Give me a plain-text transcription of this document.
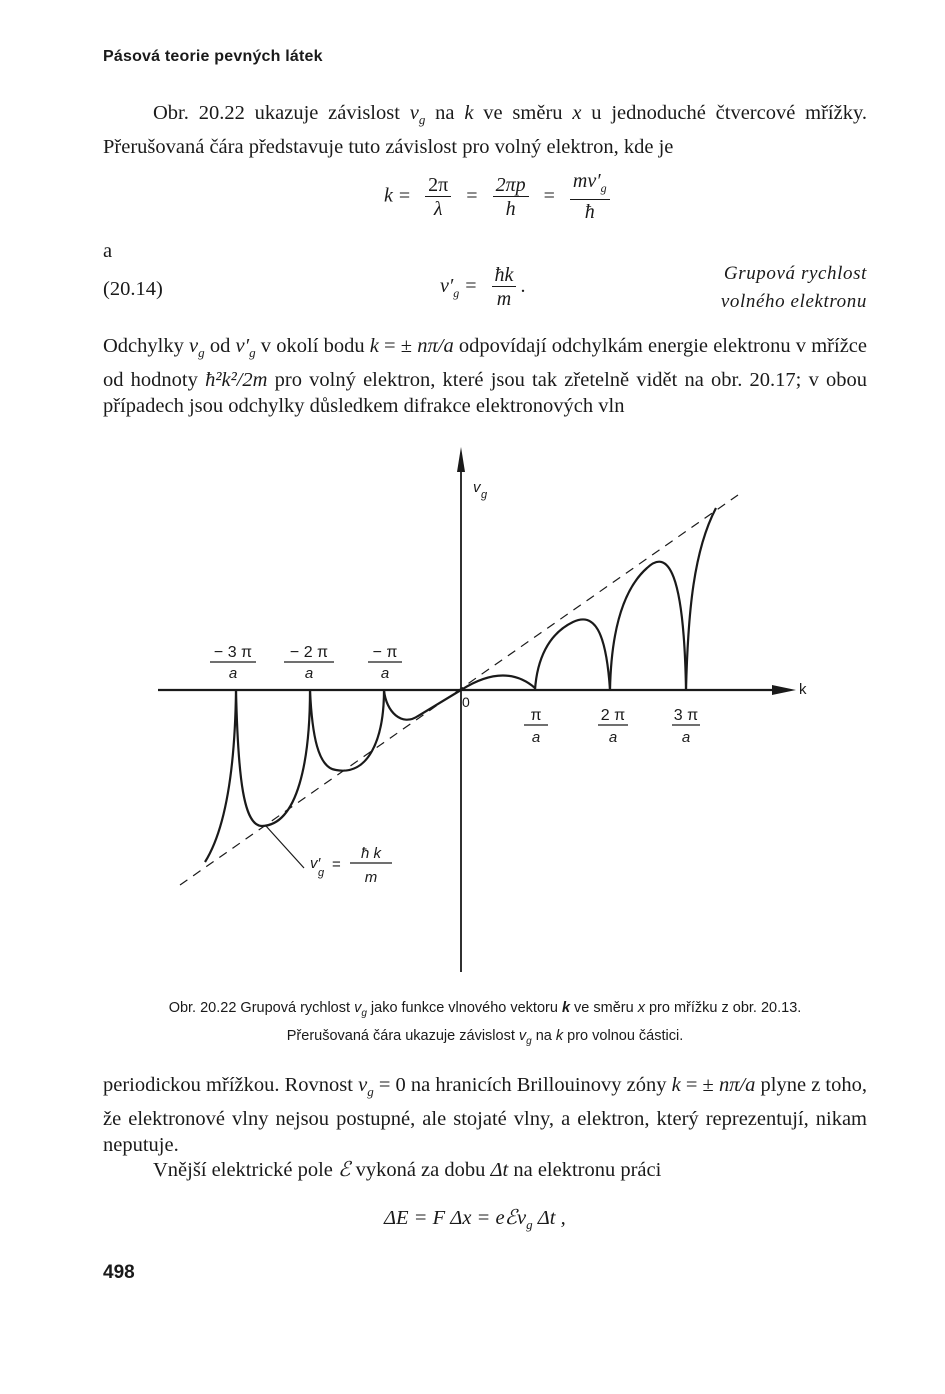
Pásová teorie pevných látek
Obr. 20.22 ukazuje závislost $v_g$ na k ve směru x u jednoduché čtvercové mřížky. Přerušovaná čára představuje tuto závislost pro volný elektron, kde je
$k = \frac{2\pi}{\lambda} = \frac{2\pi p}{h} = \frac{mv'_g}{ħ}$
a
(20.14)	$v'_g = \frac{ħk}{m}$ .
Grupová rychlost
volného elektronu
Odchylky $v_g$ od $v'_g$ v okolí bodu k = ± nπ/a odpovídají odchylkám energie elektronu v mřížce od hodnoty ħ²k²/2m pro volný elektron, které jsou tak zřetelně vidět na obr. 20.17; v obou případech jsou odchylky důsledkem difrakce elektronových vln
v g
k
0
− 3 π
a
− 2 π
a
− π
a
π
a
2 π
a
3 π
a
v′
g =
ħ k
m
Obr. 20.22 Grupová rychlost $v_g$ jako funkce vlnového vektoru k ve směru x pro mřížku z obr. 20.13.
Přerušovaná čára ukazuje závislost $v_g$ na k pro volnou částici.
periodickou mřížkou. Rovnost $v_g = 0$ na hranicích Brillouinovy zóny k = ± nπ/a plyne z toho, že elektronové vlny nejsou postupné, ale stojaté vlny, a elektron, který reprezentují, nikam neputuje.
Vnější elektrické pole ℰ vykoná za dobu Δt na elektronu práci
ΔE = F Δx = eℰv$_g$ Δt ,
498
